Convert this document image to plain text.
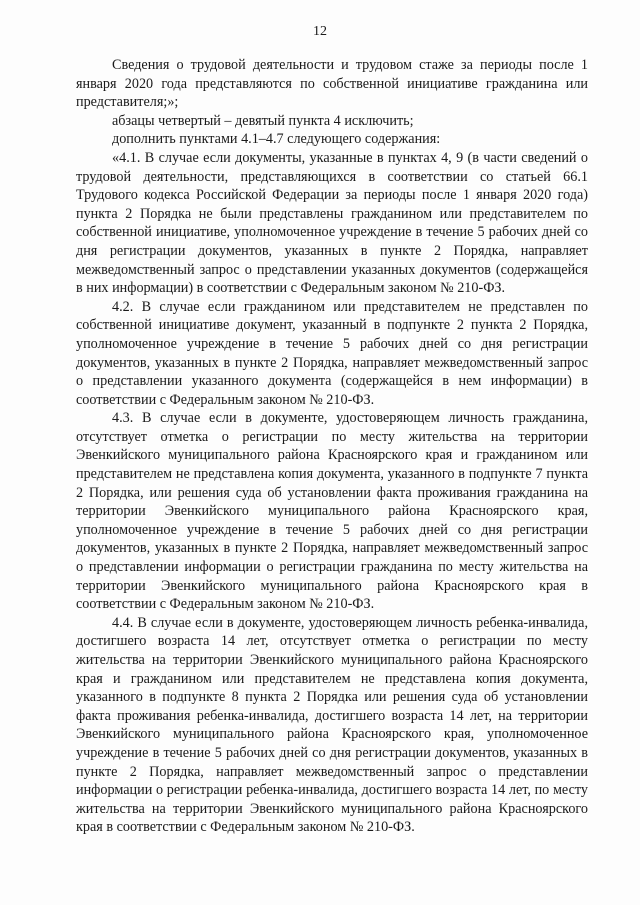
12

Сведения о трудовой деятельности и трудовом стаже за периоды после 1 января 2020 года представляются по собственной инициативе гражданина или представителя;»;

абзацы четвертый – девятый пункта 4 исключить;

дополнить пунктами 4.1–4.7 следующего содержания:

«4.1. В случае если документы, указанные в пунктах 4, 9 (в части сведений о трудовой деятельности, представляющихся в соответствии со статьей 66.1 Трудового кодекса Российской Федерации за периоды после 1 января 2020 года) пункта 2 Порядка не были представлены гражданином или представителем по собственной инициативе, уполномоченное учреждение в течение 5 рабочих дней со дня регистрации документов, указанных в пункте 2 Порядка, направляет межведомственный запрос о представлении указанных документов (содержащейся в них информации) в соответствии с Федеральным законом № 210-ФЗ.

4.2. В случае если гражданином или представителем не представлен по собственной инициативе документ, указанный в подпункте 2 пункта 2 Порядка, уполномоченное учреждение в течение 5 рабочих дней со дня регистрации документов, указанных в пункте 2 Порядка, направляет межведомственный запрос о представлении указанного документа (содержащейся в нем информации) в соответствии с Федеральным законом № 210-ФЗ.

4.3. В случае если в документе, удостоверяющем личность гражданина, отсутствует отметка о регистрации по месту жительства на территории Эвенкийского муниципального района Красноярского края и гражданином или представителем не представлена копия документа, указанного в подпункте 7 пункта 2 Порядка, или решения суда об установлении факта проживания гражданина на территории Эвенкийского муниципального района Красноярского края, уполномоченное учреждение в течение 5 рабочих дней со дня регистрации документов, указанных в пункте 2 Порядка, направляет межведомственный запрос о представлении информации о регистрации гражданина по месту жительства на территории Эвенкийского муниципального района Красноярского края в соответствии с Федеральным законом № 210-ФЗ.

4.4. В случае если в документе, удостоверяющем личность ребенка-инвалида, достигшего возраста 14 лет, отсутствует отметка о регистрации по месту жительства на территории Эвенкийского муниципального района Красноярского края и гражданином или представителем не представлена копия документа, указанного в подпункте 8 пункта 2 Порядка или решения суда об установлении факта проживания ребенка-инвалида, достигшего возраста 14 лет, на территории Эвенкийского муниципального района Красноярского края, уполномоченное учреждение в течение 5 рабочих дней со дня регистрации документов, указанных в пункте 2 Порядка, направляет межведомственный запрос о представлении информации о регистрации ребенка-инвалида, достигшего возраста 14 лет, по месту жительства на территории Эвенкийского муниципального района Красноярского края в соответствии с Федеральным законом № 210-ФЗ.
